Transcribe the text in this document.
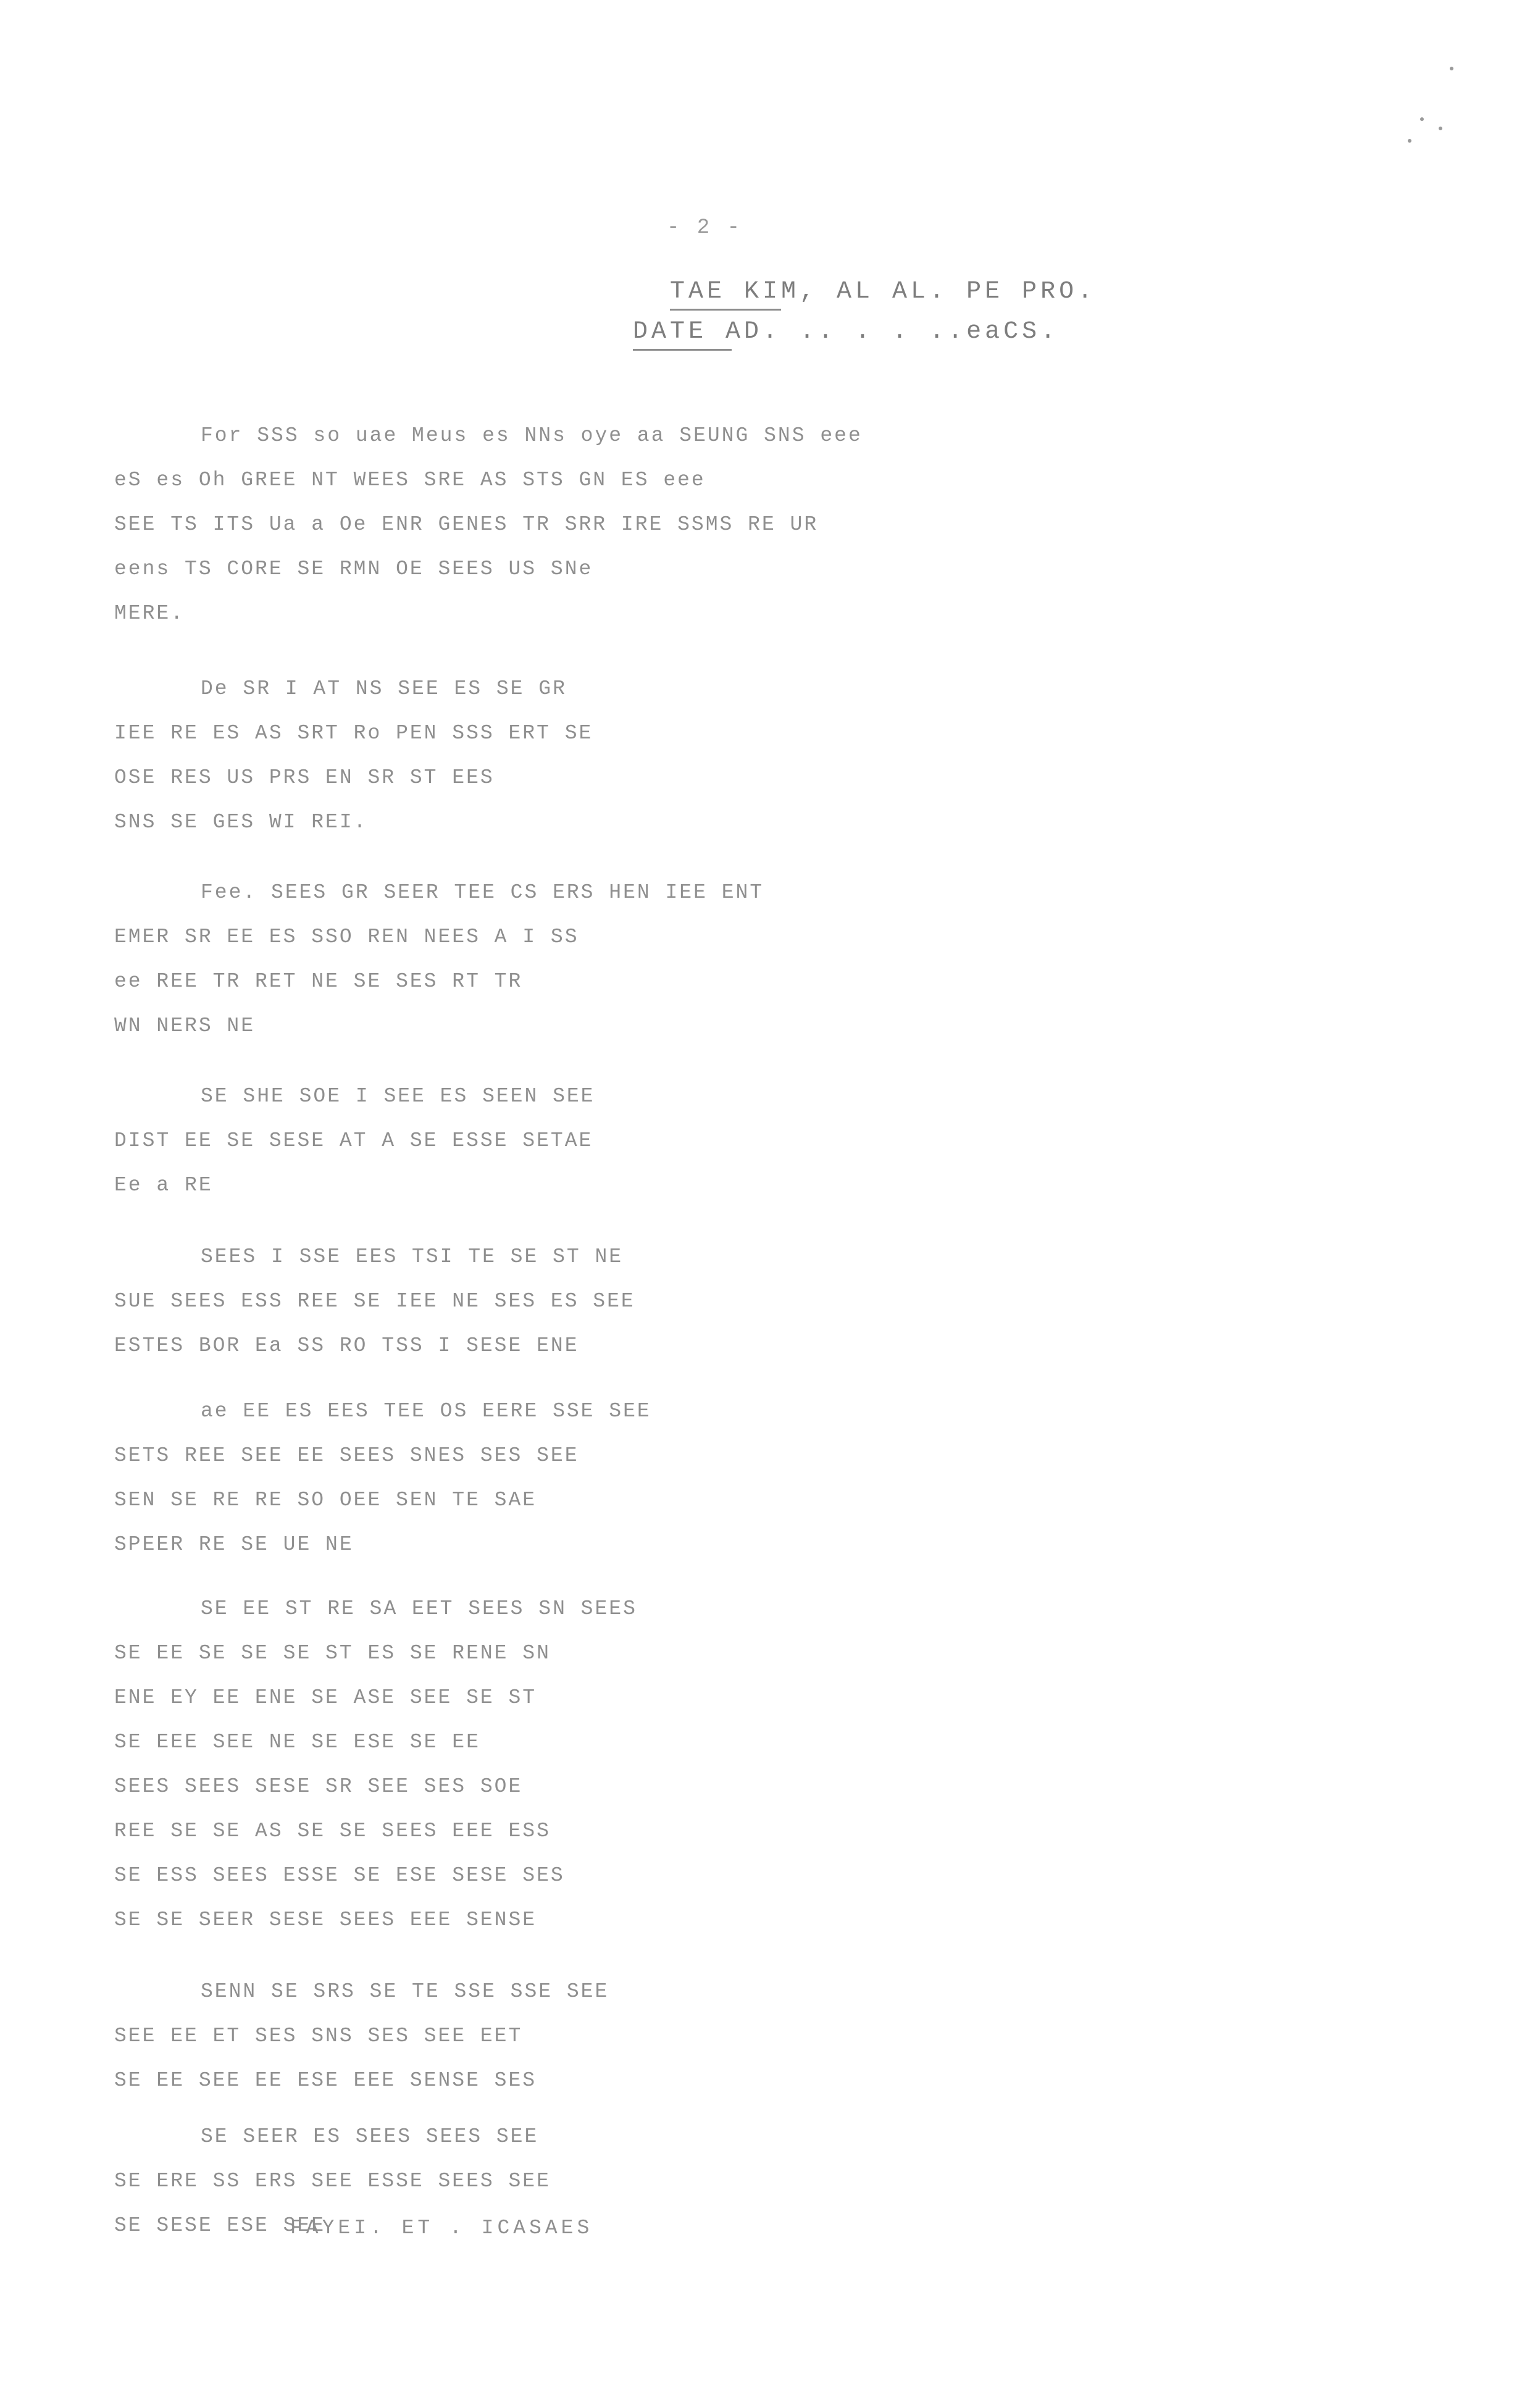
- 2 -
TAE KIM, AL AL. PE PRO.
DATE AD. .. . . ..eaCS.
For SSS so uae Meus es NNs oye aa SEUNG SNS eee
eS es Oh GREE NT WEES SRE AS STS GN ES eee
SEE TS ITS Ua a Oe ENR GENES TR SRR IRE SSMS RE UR
eens TS CORE SE RMN OE SEES US SNe
MERE.
De SR I AT NS SEE ES SE GR
IEE RE ES AS SRT Ro PEN SSS ERT SE
OSE RES US PRS EN SR ST EES
SNS SE GES WI REI.
Fee. SEES GR SEER TEE CS ERS HEN IEE ENT
EMER SR EE ES SSO REN NEES A I SS
ee REE TR RET NE SE SES RT TR
WN NERS NE
SE SHE SOE I SEE ES SEEN SEE
DIST EE SE SESE AT A SE ESSE SETAE
Ee a RE
SEES I SSE EES TSI TE SE ST NE
SUE SEES ESS REE SE IEE NE SES ES SEE
ESTES BOR Ea SS RO TSS I SESE ENE
ae EE ES EES TEE OS EERE SSE SEE
SETS REE SEE EE SEES SNES SES SEE
SEN SE RE RE SO OEE SEN TE SAE
SPEER RE SE UE NE
SE EE ST RE SA EET SEES SN SEES
SE EE SE SE SE ST ES SE RENE SN
ENE EY EE ENE SE ASE SEE SE ST
SE EEE SEE NE SE ESE SE EE
SEES SEES SESE SR SEE SES SOE
REE SE SE AS SE SE SEES EEE ESS
SE ESS SEES ESSE SE ESE SESE SES
SE SE SEER SESE SEES EEE SENSE
SENN SE SRS SE TE SSE SSE SEE
SEE EE ET SES SNS SES SEE EET
SE EE SEE EE ESE EEE SENSE SES
SE SEER ES SEES SEES SEE
SE ERE SS ERS SEE ESSE SEES SEE
SE SESE ESE SEE
FAYEI. ET . ICASAES
